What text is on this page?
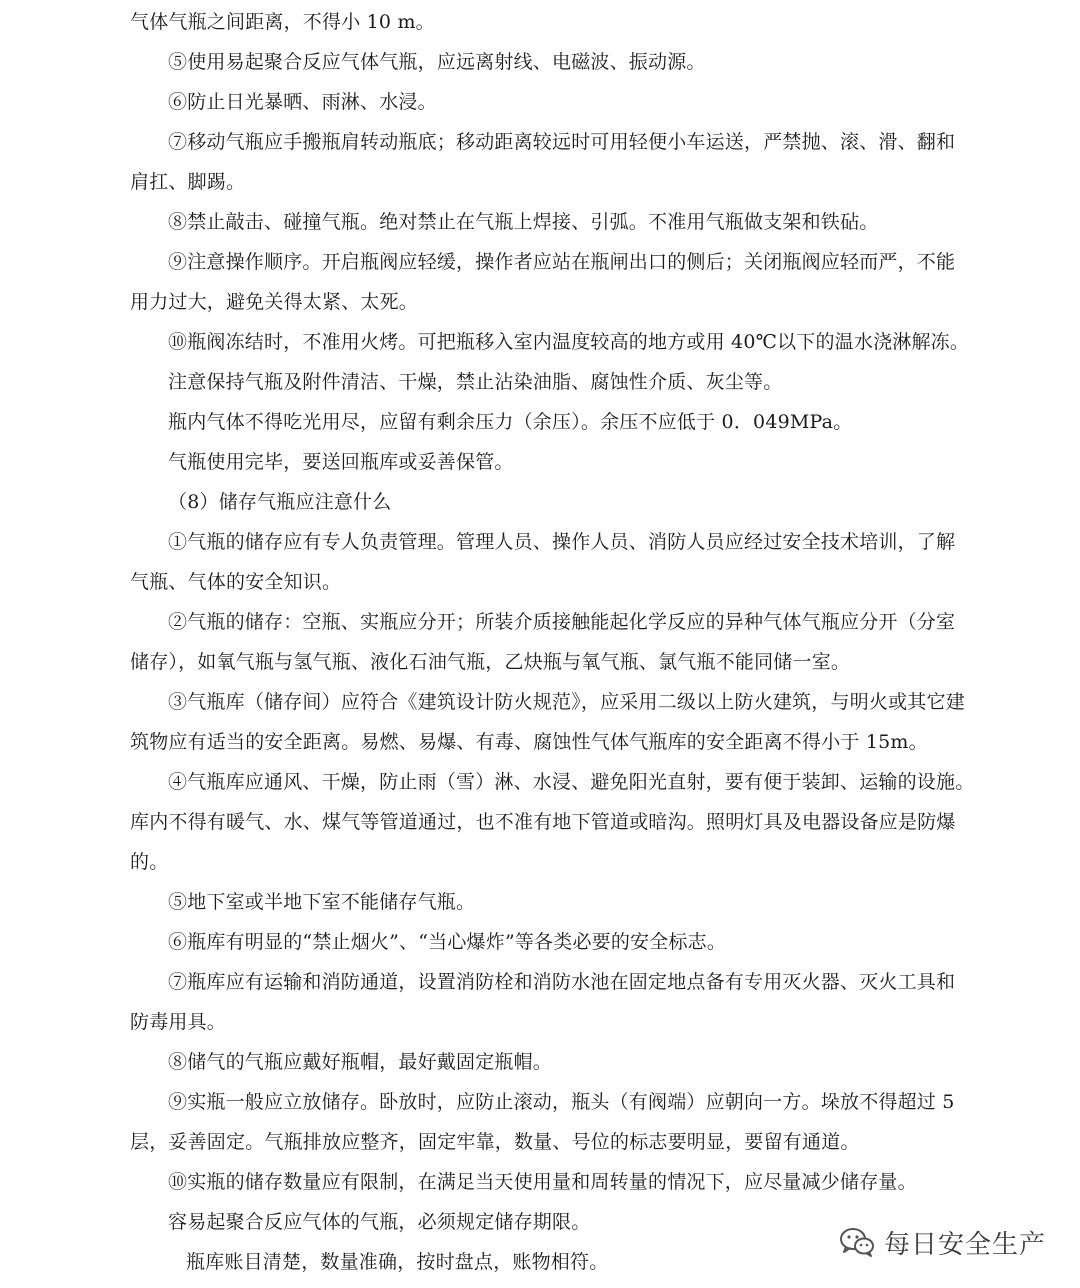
气体气瓶之间距离，不得小 10 m。
⑤使用易起聚合反应气体气瓶，应远离射线、电磁波、振动源。
⑥防止日光暴晒、雨淋、水浸。
⑦移动气瓶应手搬瓶肩转动瓶底；移动距离较远时可用轻便小车运送，严禁抛、滚、滑、翻和
肩扛、脚踢。
⑧禁止敲击、碰撞气瓶。绝对禁止在气瓶上焊接、引弧。不准用气瓶做支架和铁砧。
⑨注意操作顺序。开启瓶阀应轻缓，操作者应站在瓶闸出口的侧后；关闭瓶阀应轻而严，不能
用力过大，避免关得太紧、太死。
⑩瓶阀冻结时，不准用火烤。可把瓶移入室内温度较高的地方或用 40℃以下的温水浇淋解冻。
注意保持气瓶及附件清洁、干燥，禁止沾染油脂、腐蚀性介质、灰尘等。
瓶内气体不得吃光用尽，应留有剩余压力（余压）。余压不应低于 0．049MPa。
气瓶使用完毕，要送回瓶库或妥善保管。
（8）储存气瓶应注意什么
①气瓶的储存应有专人负责管理。管理人员、操作人员、消防人员应经过安全技术培训，了解
气瓶、气体的安全知识。
②气瓶的储存：空瓶、实瓶应分开；所装介质接触能起化学反应的异种气体气瓶应分开（分室
储存），如氧气瓶与氢气瓶、液化石油气瓶，乙炔瓶与氧气瓶、氯气瓶不能同储一室。
③气瓶库（储存间）应符合《建筑设计防火规范》，应采用二级以上防火建筑，与明火或其它建
筑物应有适当的安全距离。易燃、易爆、有毒、腐蚀性气体气瓶库的安全距离不得小于 15m。
④气瓶库应通风、干燥，防止雨（雪）淋、水浸、避免阳光直射，要有便于装卸、运输的设施。
库内不得有暖气、水、煤气等管道通过，也不准有地下管道或暗沟。照明灯具及电器设备应是防爆
的。
⑤地下室或半地下室不能储存气瓶。
⑥瓶库有明显的“禁止烟火”、“当心爆炸”等各类必要的安全标志。
⑦瓶库应有运输和消防通道，设置消防栓和消防水池在固定地点备有专用灭火器、灭火工具和
防毒用具。
⑧储气的气瓶应戴好瓶帽，最好戴固定瓶帽。
⑨实瓶一般应立放储存。卧放时，应防止滚动，瓶头（有阀端）应朝向一方。垛放不得超过 5
层，妥善固定。气瓶排放应整齐，固定牢靠，数量、号位的标志要明显，要留有通道。
⑩实瓶的储存数量应有限制，在满足当天使用量和周转量的情况下，应尽量减少储存量。
容易起聚合反应气体的气瓶，必须规定储存期限。
瓶库账目清楚，数量准确，按时盘点，账物相符。
每日安全生产
